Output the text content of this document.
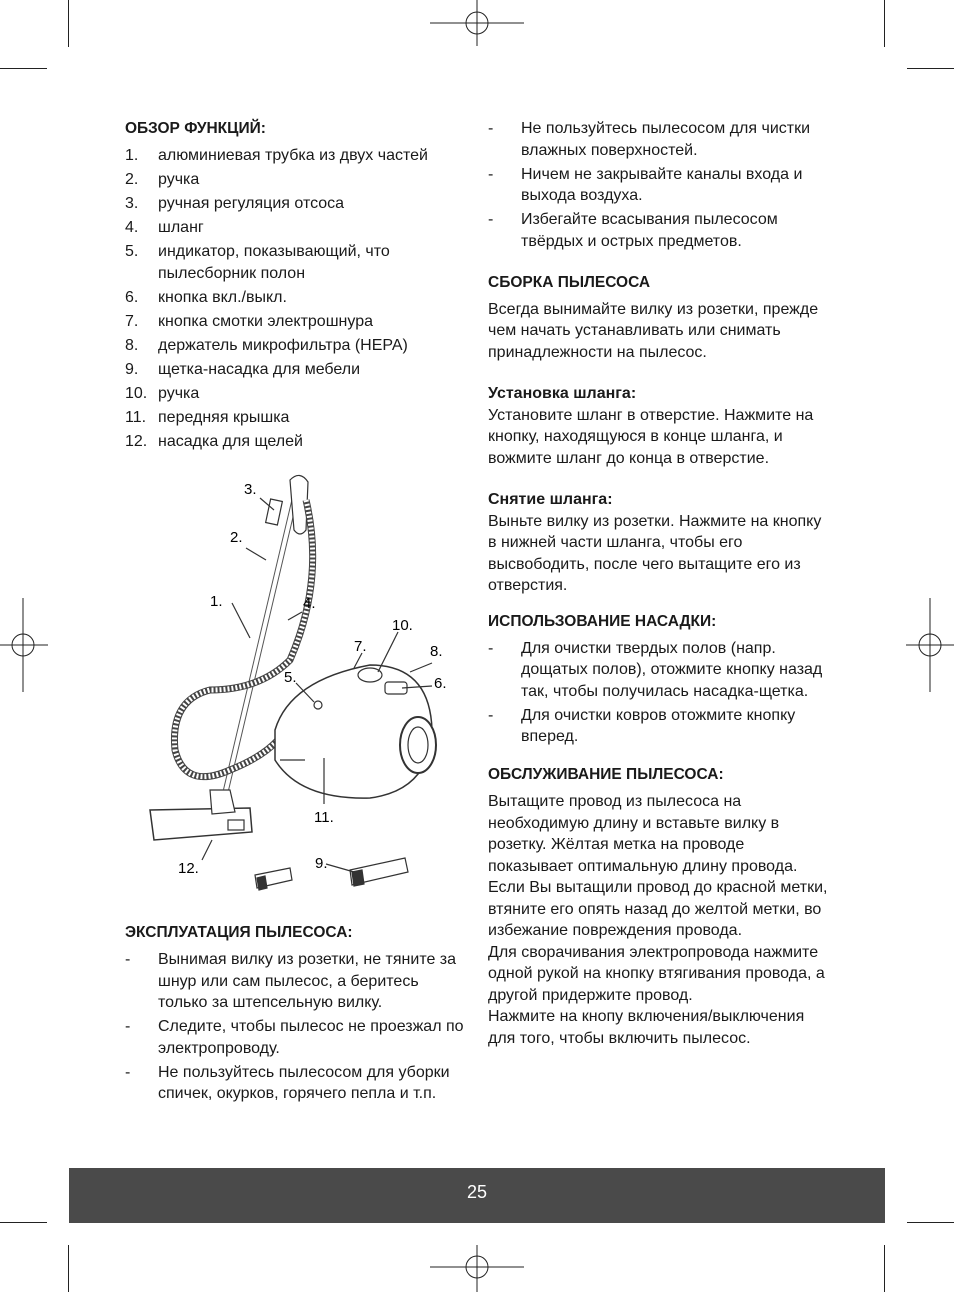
ОБЗОР ФУНКЦИЙ:
1. алюминиевая трубка из двух частей
2. ручка
3. ручная регуляция отсоса
4. шланг
5. индикатор, показывающий, что пылесборник полон
6. кнопка вкл./выкл.
7. кнопка смотки электрошнура
8. держатель микрофильтра (HEPA)
9. щетка-насадка для мебели
10. ручка
11. передняя крышка
12. насадка для щелей
1.
2.
3.
4.
5.	6.
7.	8.
9.
10.
11.
12.
ЭКСПЛУАТАЦИЯ ПЫЛЕСОСА:
- Вынимая вилку из розетки, не тяните за шнур или сам пылесос, а беритесь только за штепсельную вилку.
- Следите, чтобы пылесос не проезжал по электропроводу.
- Не пользуйтесь пылесосом для уборки спичек, окурков, горячего пепла и т.п.
- Не пользуйтесь пылесосом для чистки влажных поверхностей.
- Ничем не закрывайте каналы входа и выхода воздуха.
- Избегайте всасывания пылесосом твёрдых и острых предметов.
СБОРКА ПЫЛЕСОСА

Всегда вынимайте вилку из розетки, прежде чем начать устанавливать или снимать принадлежности на пылесос.

Установка шланга:

Установите шланг в отверстие. Нажмите на кнопку, находящуюся в конце шланга, и вожмите шланг до конца в отверстие.

Снятие шланга:

Выньте вилку из розетки. Нажмите на кнопку в нижней части шланга, чтобы его высвободить, после чего вытащите его из отверстия.

ИСПОЛЬЗОВАНИЕ НАСАДКИ:
- Для очистки твердых полов (напр. дощатых полов), отожмите кнопку назад так, чтобы получилась насадка-щетка.
- Для очистки ковров отожмите кнопку вперед.
ОБСЛУЖИВАНИЕ ПЫЛЕСОСА:

Вытащите провод из пылесоса на необходимую длину и вставьте вилку в розетку. Жёлтая метка на проводе показывает оптимальную длину провода. Если Вы вытащили провод до красной метки, втяните его опять назад до желтой метки, во избежание повреждения провода.

Для сворачивания электропровода нажмите одной рукой на кнопку втягивания провода, а другой придержите провод.

Нажмите на кнопу включения/выключения для того, чтобы включить пылесос.

25
